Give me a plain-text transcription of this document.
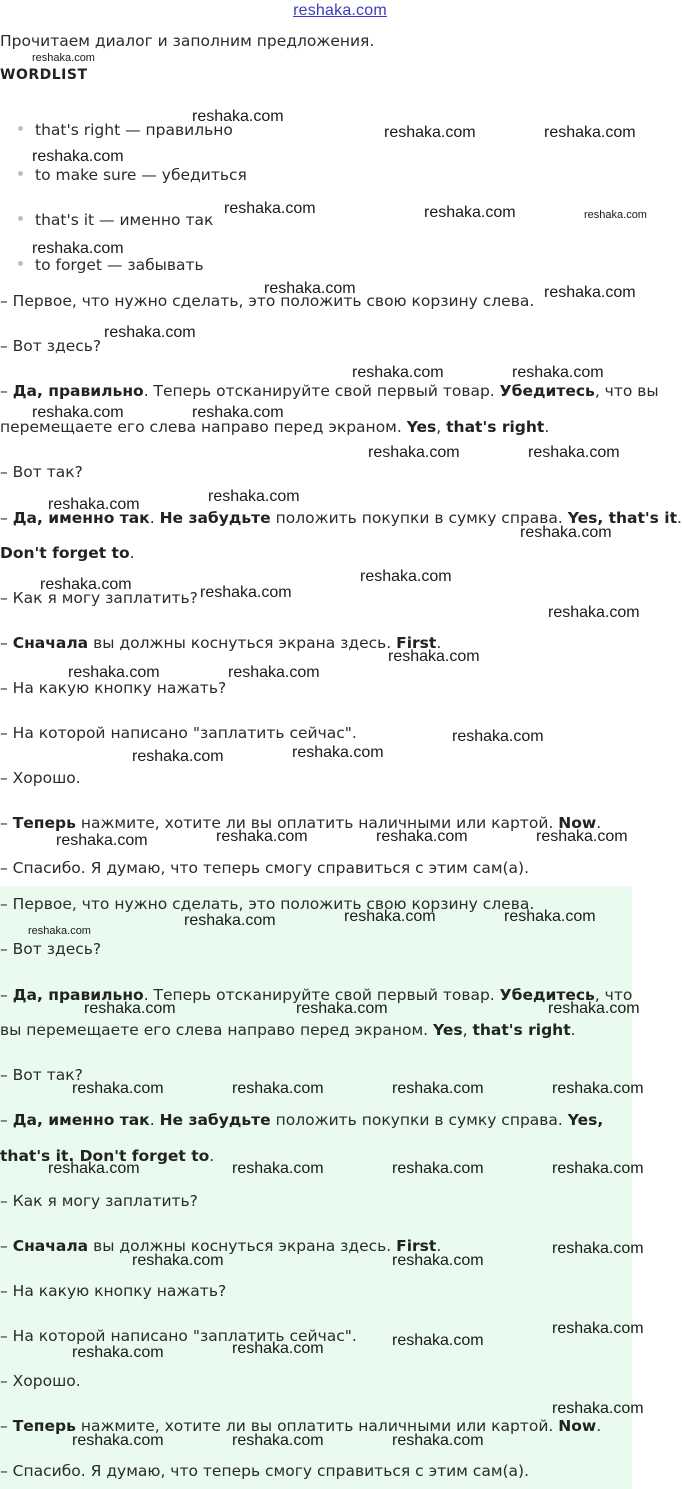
reshaka.com
Прочитаем диалог и заполним предложения.
WORDLIST
that's right — правильно
to make sure — убедиться
that's it — именно так
to forget — забывать
– Первое, что нужно сделать, это положить свою корзину слева.
– Вот здесь?
– Да, правильно. Теперь отсканируйте свой первый товар. Убедитесь, что вы
перемещаете его слева направо перед экраном. Yes, that's right.
– Вот так?
– Да, именно так. Не забудьте положить покупки в сумку справа. Yes, that's it.
Don't forget to.
– Как я могу заплатить?
– Сначала вы должны коснуться экрана здесь. First.
– На какую кнопку нажать?
– На которой написано "заплатить сейчас".
– Хорошо.
– Теперь нажмите, хотите ли вы оплатить наличными или картой. Now.
– Спасибо. Я думаю, что теперь смогу справиться с этим сам(а).
– Первое, что нужно сделать, это положить свою корзину слева.
– Вот здесь?
– Да, правильно. Теперь отсканируйте свой первый товар. Убедитесь, что
вы перемещаете его слева направо перед экраном. Yes, that's right.
– Вот так?
– Да, именно так. Не забудьте положить покупки в сумку справа. Yes,
that's it. Don't forget to.
– Как я могу заплатить?
– Сначала вы должны коснуться экрана здесь. First.
– На какую кнопку нажать?
– На которой написано "заплатить сейчас".
– Хорошо.
– Теперь нажмите, хотите ли вы оплатить наличными или картой. Now.
– Спасибо. Я думаю, что теперь смогу справиться с этим сам(а).
reshaka.com
reshaka.com
reshaka.com	reshaka.com
reshaka.com
reshaka.com	reshaka.com	reshaka.com
reshaka.com
reshaka.com	reshaka.com
reshaka.com
reshaka.com	reshaka.com
reshaka.com	reshaka.com
reshaka.com	reshaka.com
reshaka.com
reshaka.com
reshaka.com
reshaka.com
reshaka.com	reshaka.com
reshaka.com
reshaka.com
reshaka.com	reshaka.com
reshaka.com
reshaka.com
reshaka.com
reshaka.com	reshaka.com	reshaka.com
reshaka.com
reshaka.com	reshaka.com
reshaka.com
reshaka.com
reshaka.com	reshaka.com	reshaka.com
reshaka.com	reshaka.com	reshaka.com	reshaka.com
reshaka.com	reshaka.com	reshaka.com	reshaka.com
reshaka.com
reshaka.com	reshaka.com
reshaka.com
reshaka.com
reshaka.com
reshaka.com
reshaka.com
reshaka.com	reshaka.com	reshaka.com
